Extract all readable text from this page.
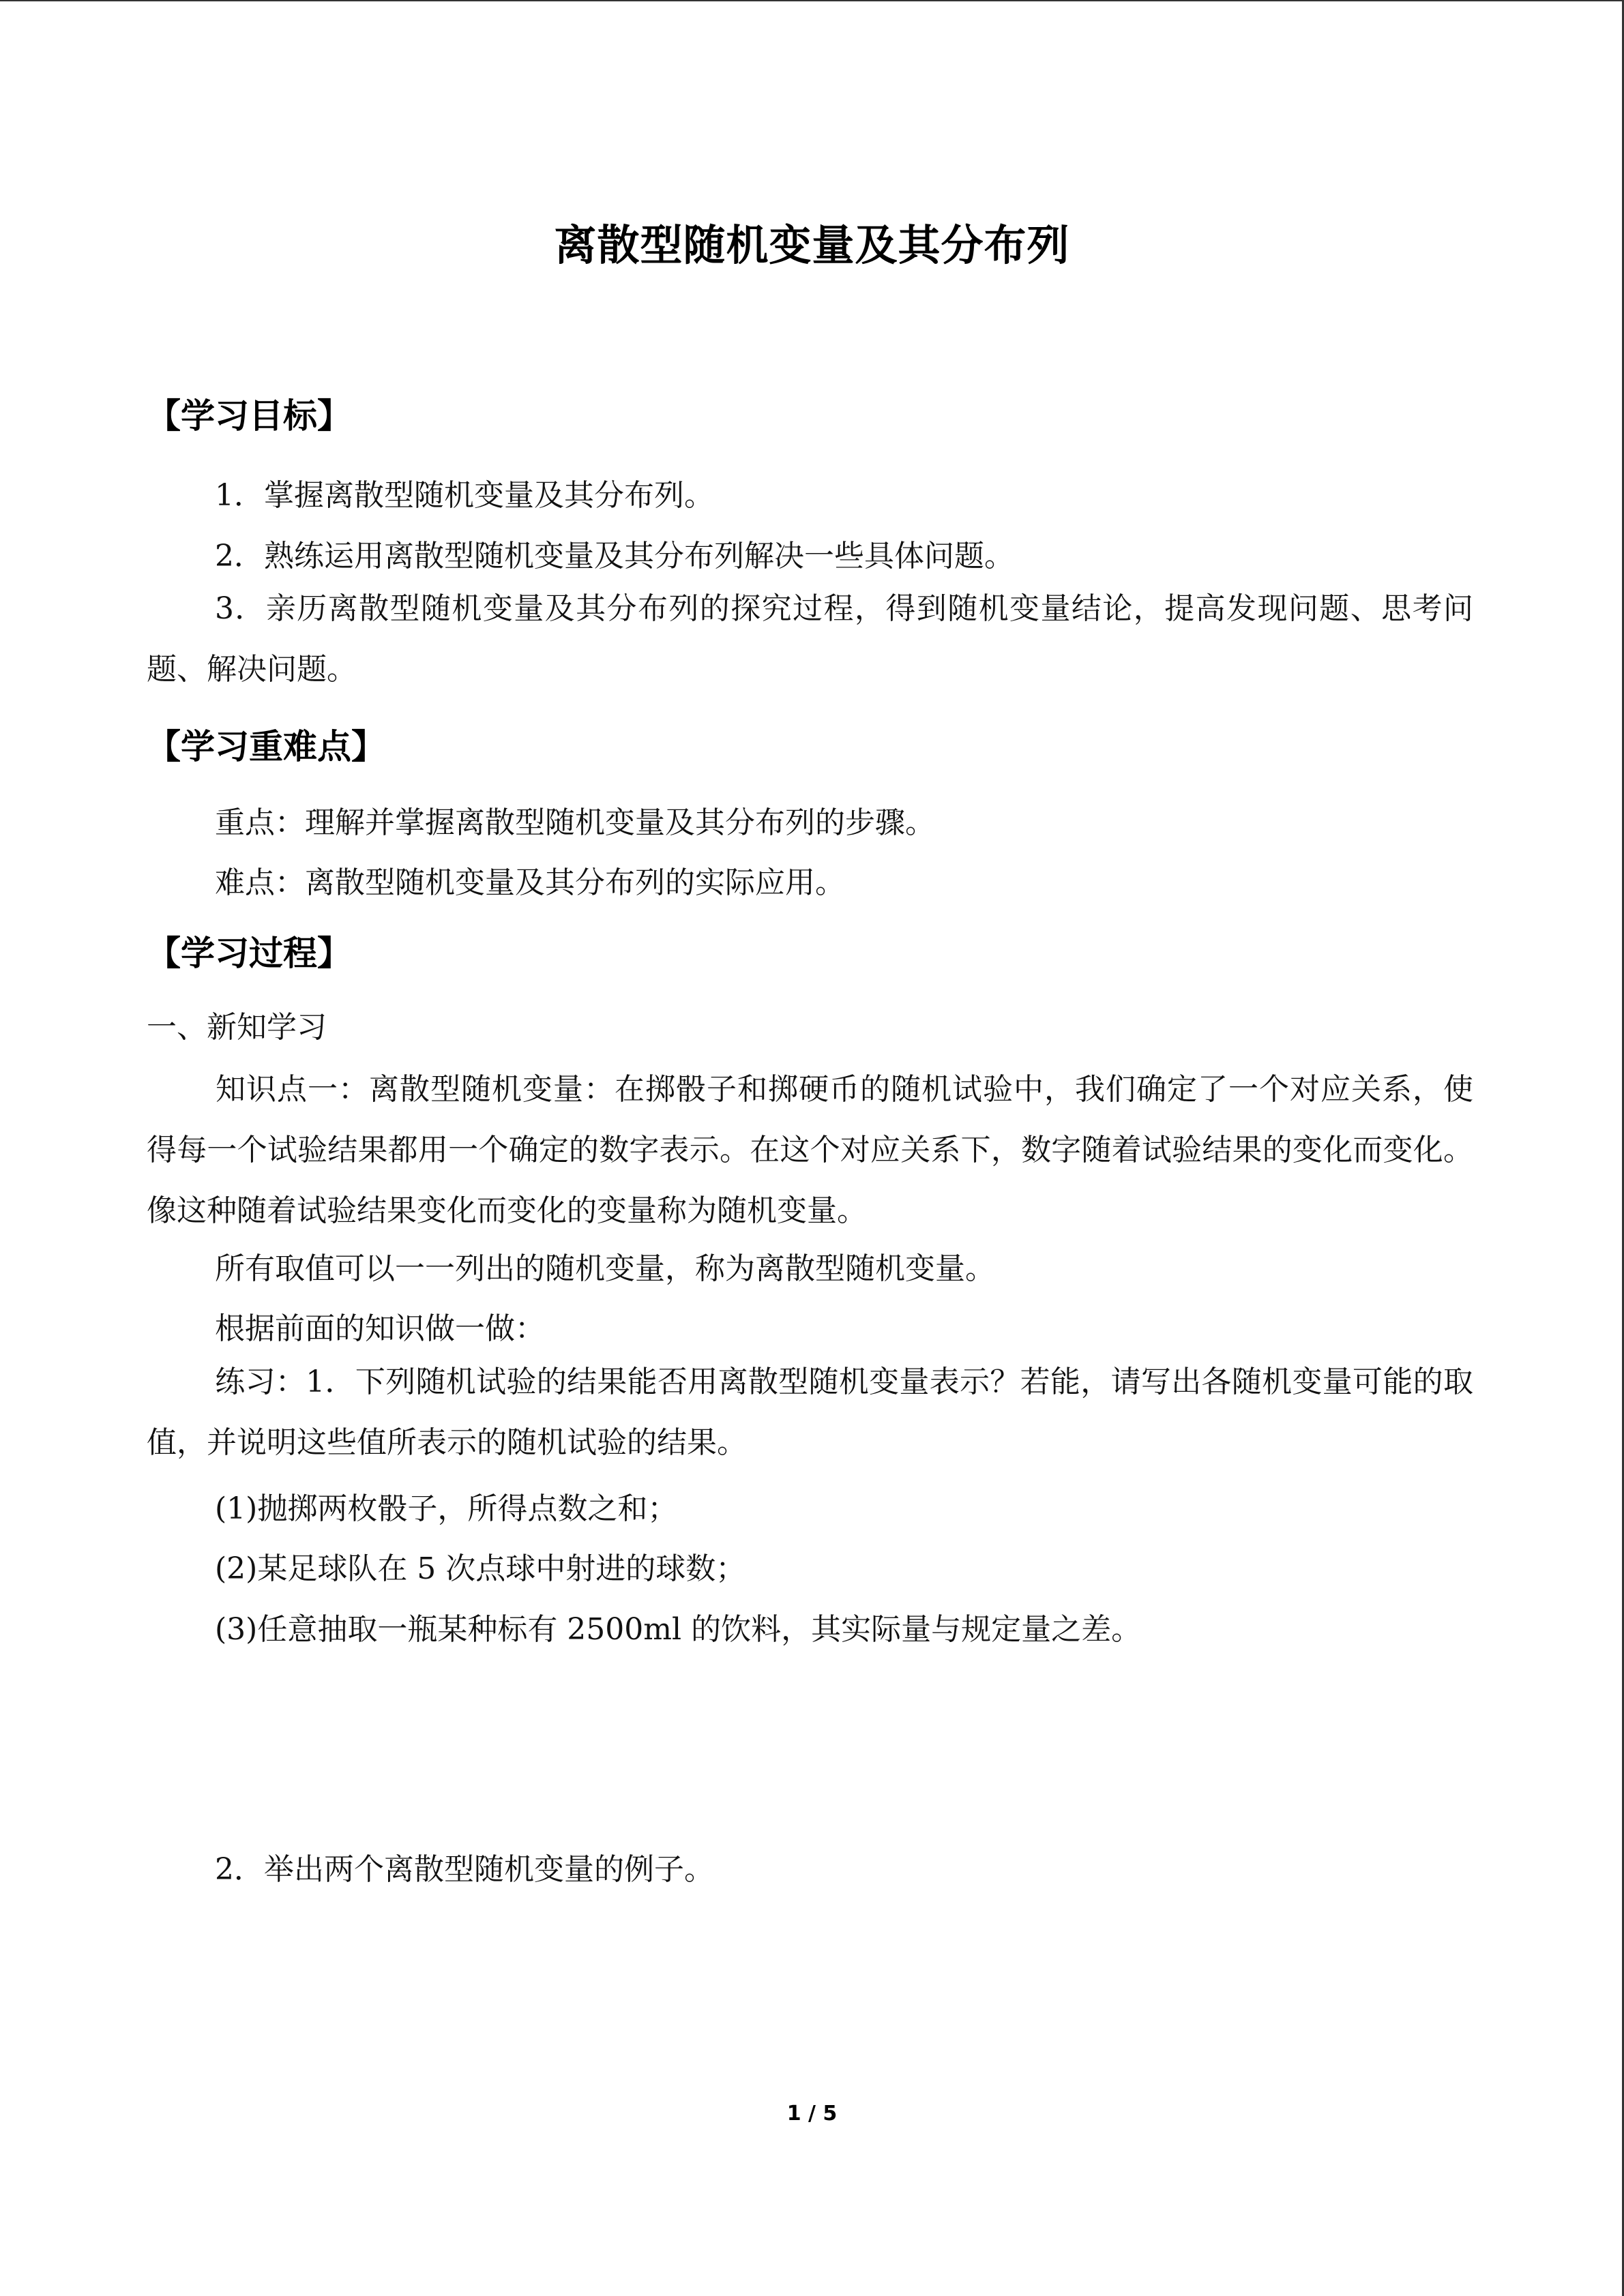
离散型随机变量及其分布列
【学习目标】
1．掌握离散型随机变量及其分布列。
2．熟练运用离散型随机变量及其分布列解决一些具体问题。
3．亲历离散型随机变量及其分布列的探究过程，得到随机变量结论，提高发现问题、思考问题、解决问题。
【学习重难点】
重点：理解并掌握离散型随机变量及其分布列的步骤。
难点：离散型随机变量及其分布列的实际应用。
【学习过程】
一、新知学习
知识点一：离散型随机变量：在掷骰子和掷硬币的随机试验中，我们确定了一个对应关系，使得每一个试验结果都用一个确定的数字表示。在这个对应关系下，数字随着试验结果的变化而变化。像这种随着试验结果变化而变化的变量称为随机变量。
所有取值可以一一列出的随机变量，称为离散型随机变量。
根据前面的知识做一做：
练习：1．下列随机试验的结果能否用离散型随机变量表示？若能，请写出各随机变量可能的取值，并说明这些值所表示的随机试验的结果。
(1)抛掷两枚骰子，所得点数之和；
(2)某足球队在 5 次点球中射进的球数；
(3)任意抽取一瓶某种标有 2500ml 的饮料，其实际量与规定量之差。
2．举出两个离散型随机变量的例子。
1 / 5
